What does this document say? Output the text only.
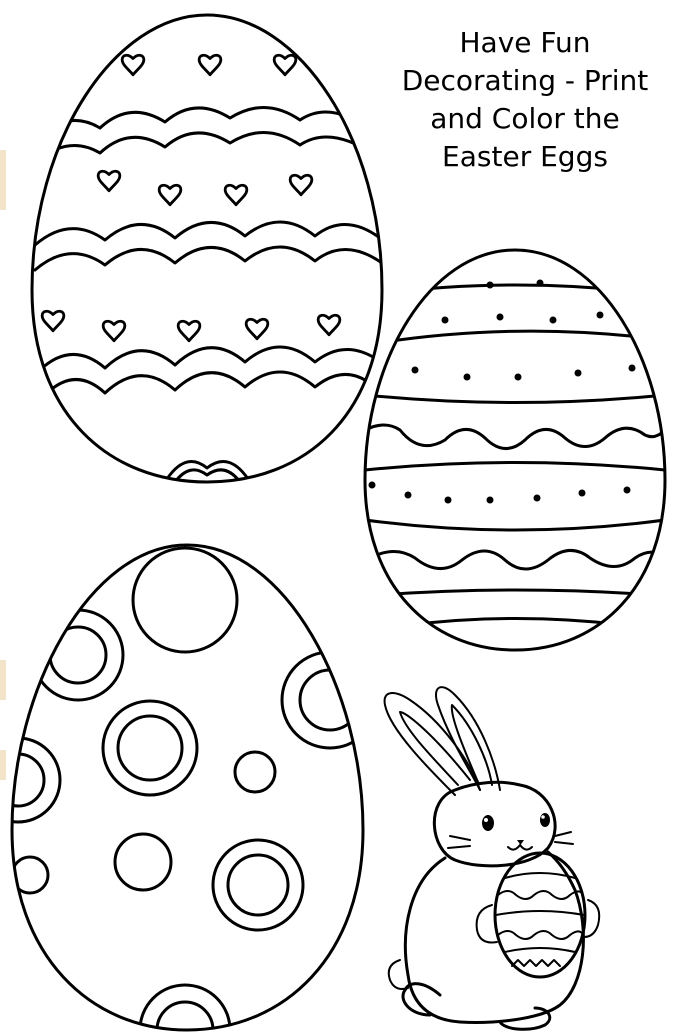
Have Fun
Decorating - Print
and Color the
Easter Eggs
